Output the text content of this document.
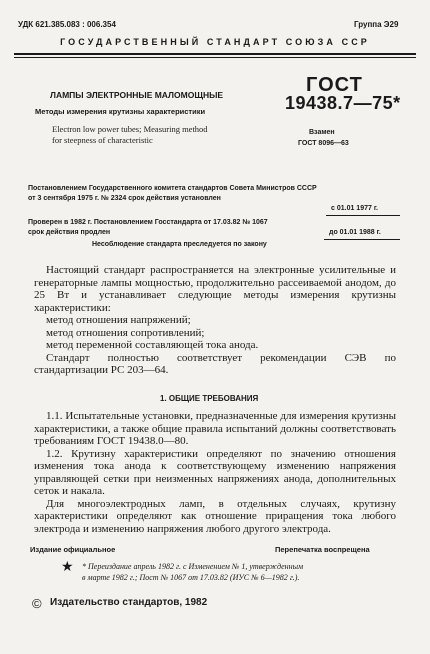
УДК 621.385.083 : 006.354	Группа Э29
ГОСУДАРСТВЕННЫЙ СТАНДАРТ СОЮЗА ССР
ЛАМПЫ ЭЛЕКТРОННЫЕ МАЛОМОЩНЫЕ
Методы измерения крутизны характеристики
Electron low power tubes; Measuring method
for steepness of characteristic
ГОСТ
19438.7—75*
Взамен
ГОСТ 8096—63
Постановлением Государственного комитета стандартов Совета Министров СССР
от 3 сентября 1975 г. № 2324 срок действия установлен
с 01.01 1977 г.
Проверен в 1982 г. Постановлением Госстандарта от 17.03.82 № 1067
срок действия продлен	до 01.01 1988 г.
Несоблюдение стандарта преследуется по закону

Настоящий стандарт распространяется на электронные усилительные и генераторные лампы мощностью, продолжительно рассеиваемой анодом, до 25 Вт и устанавливает следующие методы измерения крутизны характеристики:

метод отношения напряжений;

метод отношения сопротивлений;

метод переменной составляющей тока анода.

Стандарт полностью соответствует рекомендации СЭВ по стандартизации РС 203—64.

1. ОБЩИЕ ТРЕБОВАНИЯ

1.1. Испытательные установки, предназначенные для измерения крутизны характеристики, а также общие правила испытаний должны соответствовать требованиям ГОСТ 19438.0—80.

1.2. Крутизну характеристики определяют по значению отношения изменения тока анода к соответствующему изменению напряжения управляющей сетки при неизменных напряжениях анода, дополнительных сеток и накала.

Для многоэлектродных ламп, в отдельных случаях, крутизну характеристики определяют как отношение приращения тока любого электрода и изменению напряжения любого другого электрода.

Издание официальное	Перепечатка воспрещена
★ * Переиздание апрель 1982 г. с Изменением № 1, утвержденным
в марте 1982 г.; Пост № 1067 от 17.03.82 (ИУС № 6—1982 г.).
© Издательство стандартов, 1982
